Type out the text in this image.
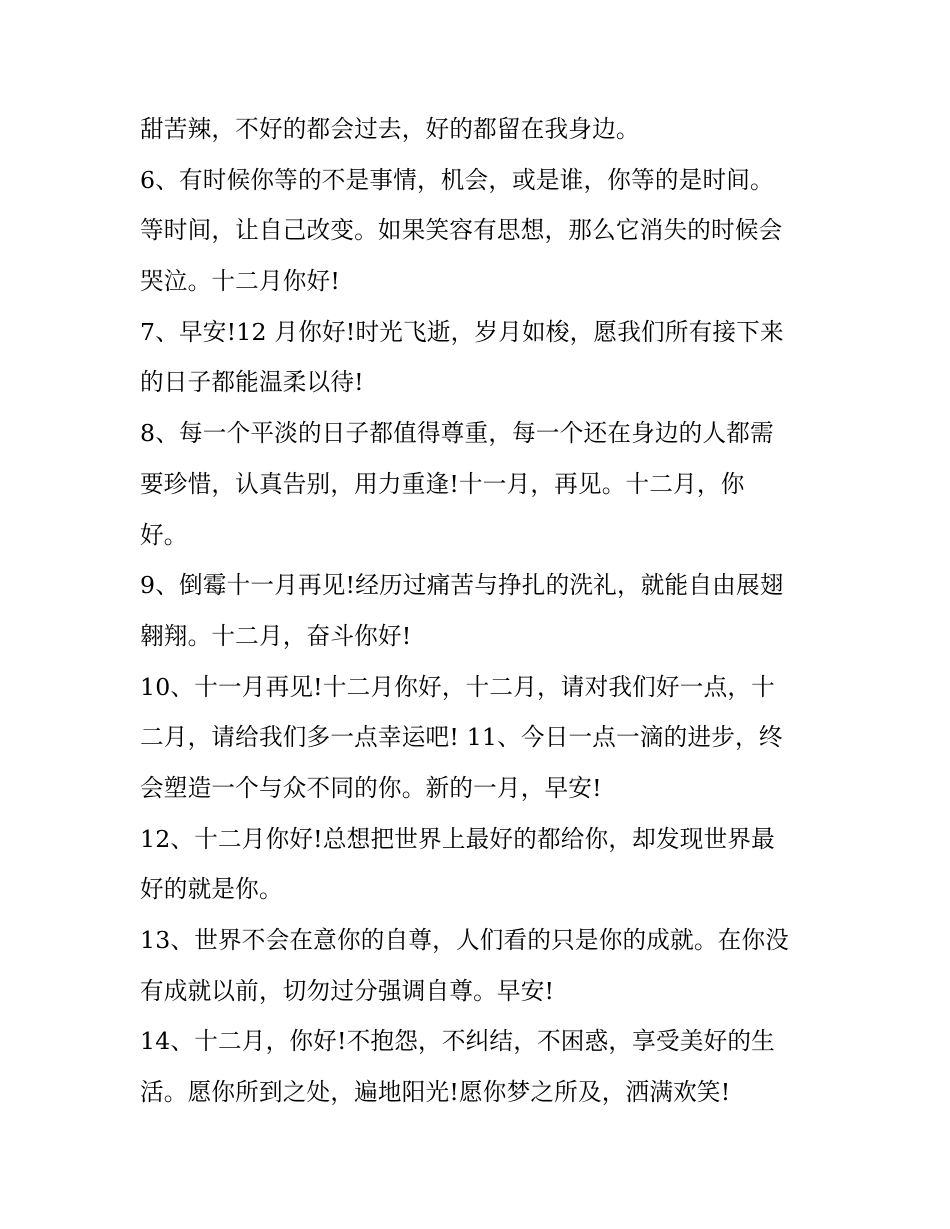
甜苦辣，不好的都会过去，好的都留在我身边。
6、有时候你等的不是事情，机会，或是谁，你等的是时间。
等时间，让自己改变。如果笑容有思想，那么它消失的时候会
哭泣。十二月你好!
7、早安!12 月你好!时光飞逝，岁月如梭，愿我们所有接下来
的日子都能温柔以待!
8、每一个平淡的日子都值得尊重，每一个还在身边的人都需
要珍惜，认真告别，用力重逢!十一月，再见。十二月，你
好。
9、倒霉十一月再见!经历过痛苦与挣扎的洗礼，就能自由展翅
翱翔。十二月，奋斗你好!
10、十一月再见!十二月你好，十二月，请对我们好一点，十
二月，请给我们多一点幸运吧! 11、今日一点一滴的进步，终
会塑造一个与众不同的你。新的一月，早安!
12、十二月你好!总想把世界上最好的都给你，却发现世界最
好的就是你。
13、世界不会在意你的自尊，人们看的只是你的成就。在你没
有成就以前，切勿过分强调自尊。早安!
14、十二月，你好!不抱怨，不纠结，不困惑，享受美好的生
活。愿你所到之处，遍地阳光!愿你梦之所及，洒满欢笑!
